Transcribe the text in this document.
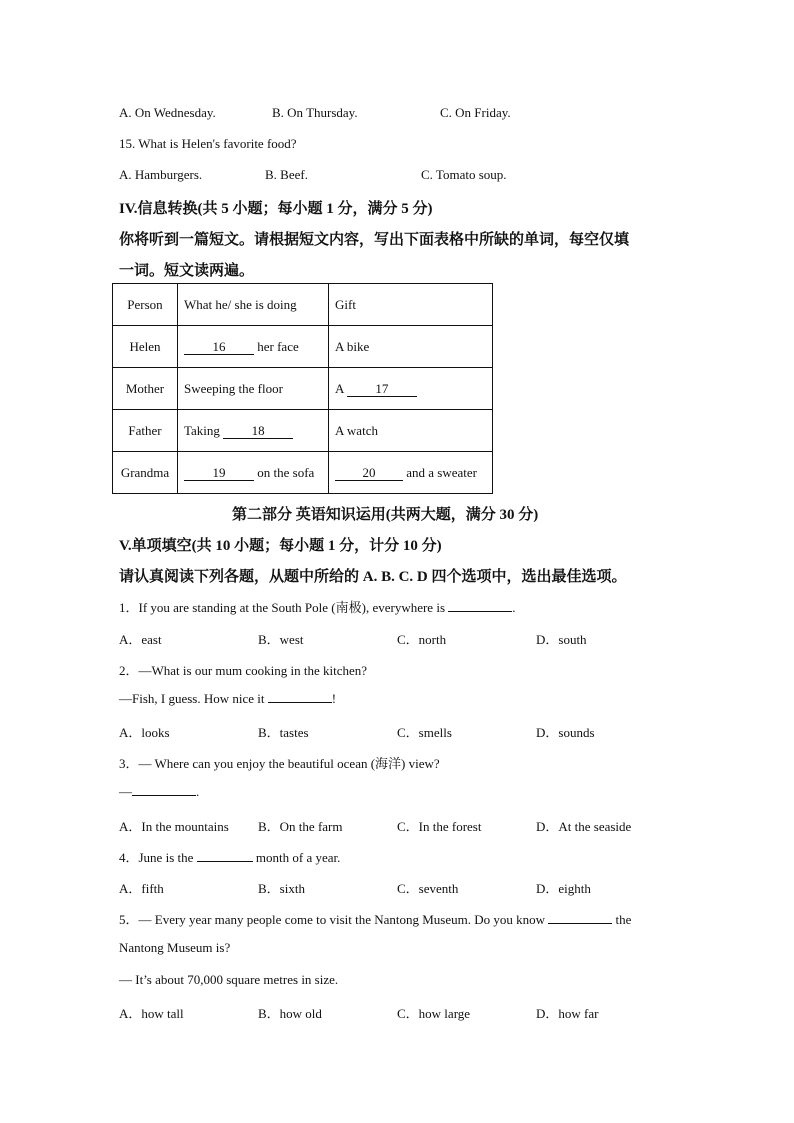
A. On Wednesday.	B. On Thursday.	C. On Friday.
15. What is Helen's favorite food?
A. Hamburgers.	B. Beef.	C. Tomato soup.
IV.信息转换(共 5 小题；每小题 1 分，满分 5 分)
你将听到一篇短文。请根据短文内容，写出下面表格中所缺的单词，每空仅填
一词。短文读两遍。
Person	What he/ she is doing	Gift
Helen	16 her face	A bike
Mother	Sweeping the floor	A 17
Father	Taking 18	A watch
Grandma	19 on the sofa	20 and a sweater
第二部分 英语知识运用(共两大题，满分 30 分)
V.单项填空(共 10 小题；每小题 1 分，计分 10 分)
请认真阅读下列各题，从题中所给的 A. B. C. D 四个选项中，选出最佳选项。
1．If you are standing at the South Pole (南极), everywhere is	.
A．east	B．west	C．north	D．south
2．—What is our mum cooking in the kitchen?
—Fish, I guess. How nice it	!
A．looks	B．tastes	C．smells	D．sounds
3．— Where can you enjoy the beautiful ocean (海洋) view?
—	.
A．In the mountains B．On the farm	C．In the forest	D．At the seaside
4．June is the	month of a year.
A．fifth	B．sixth	C．seventh	D．eighth
5．— Every year many people come to visit the Nantong Museum. Do you know	the
Nantong Museum is?
— It’s about 70,000 square metres in size.
A．how tall	B．how old	C．how large	D．how far
